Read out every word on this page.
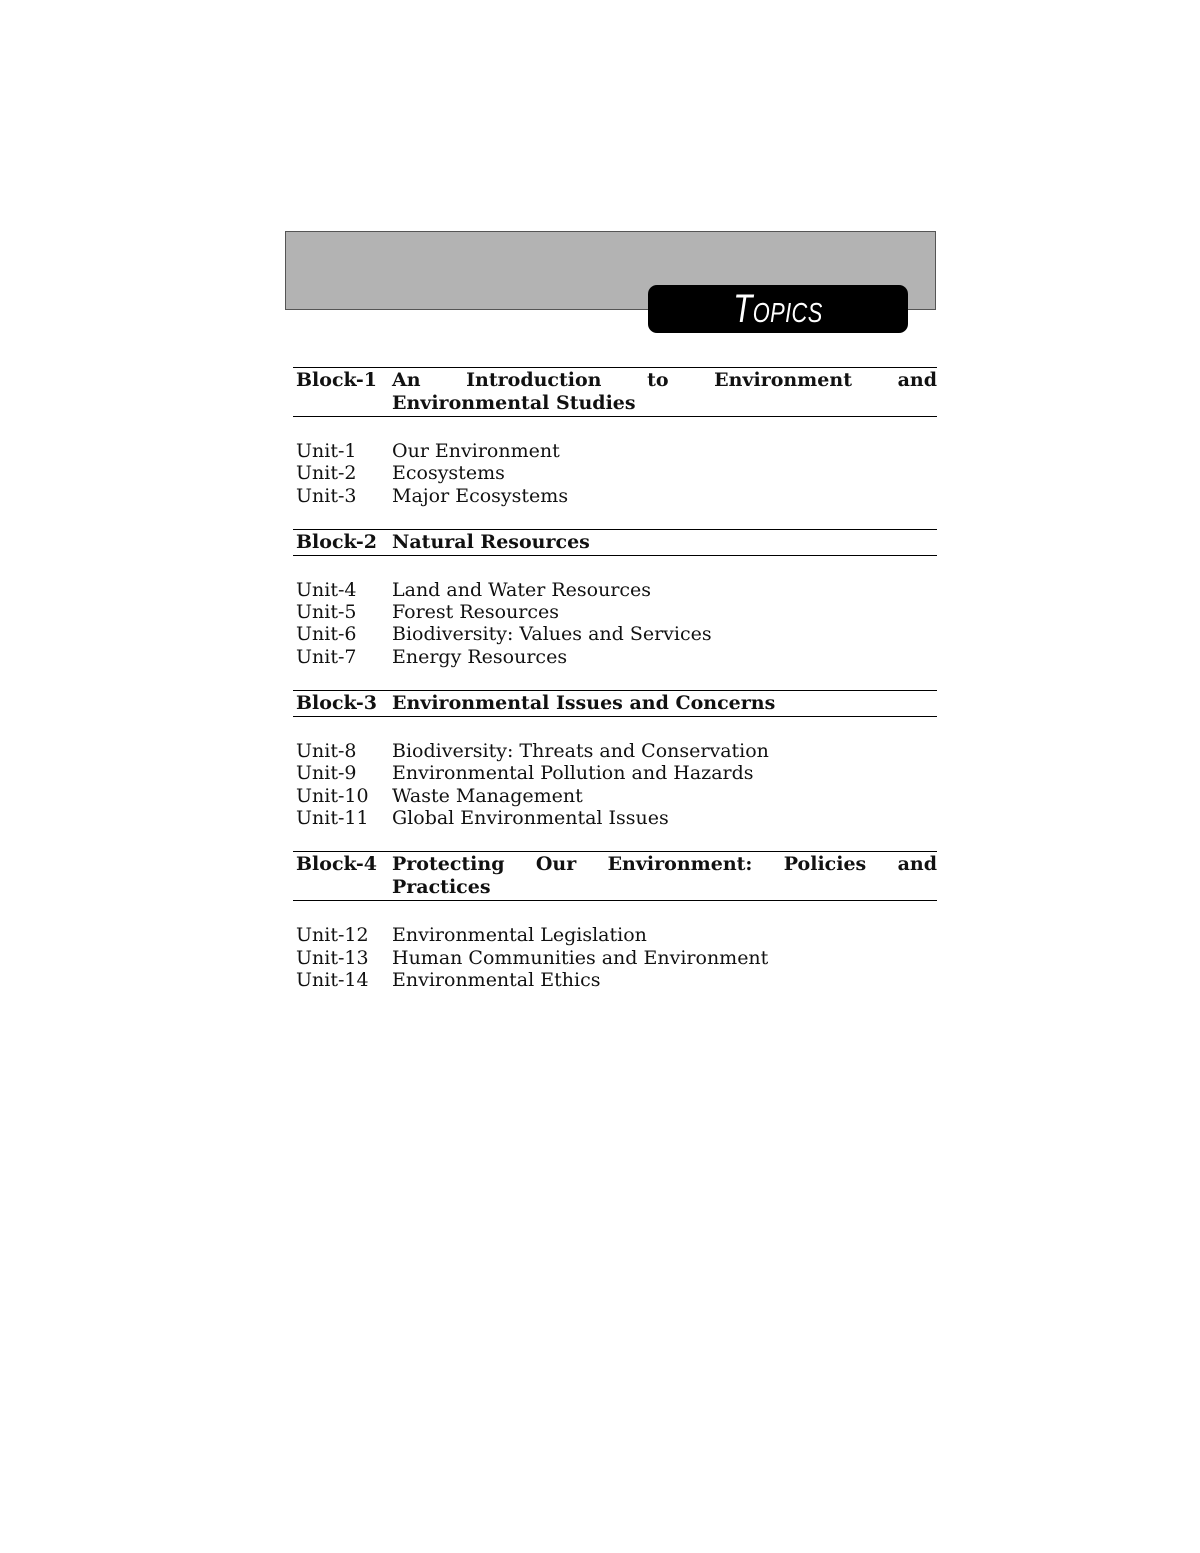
Topics Covered
Block-1 An Introduction to Environment and Environmental Studies
Unit-1	Our Environment
Unit-2	Ecosystems
Unit-3	Major Ecosystems
Block-2 Natural Resources
Unit-4	Land and Water Resources
Unit-5	Forest Resources
Unit-6	Biodiversity: Values and Services
Unit-7	Energy Resources
Block-3 Environmental Issues and Concerns
Unit-8	Biodiversity: Threats and Conservation
Unit-9	Environmental Pollution and Hazards
Unit-10	Waste Management
Unit-11	Global Environmental Issues
Block-4 Protecting Our Environment: Policies and Practices
Unit-12	Environmental Legislation
Unit-13	Human Communities and Environment
Unit-14	Environmental Ethics
